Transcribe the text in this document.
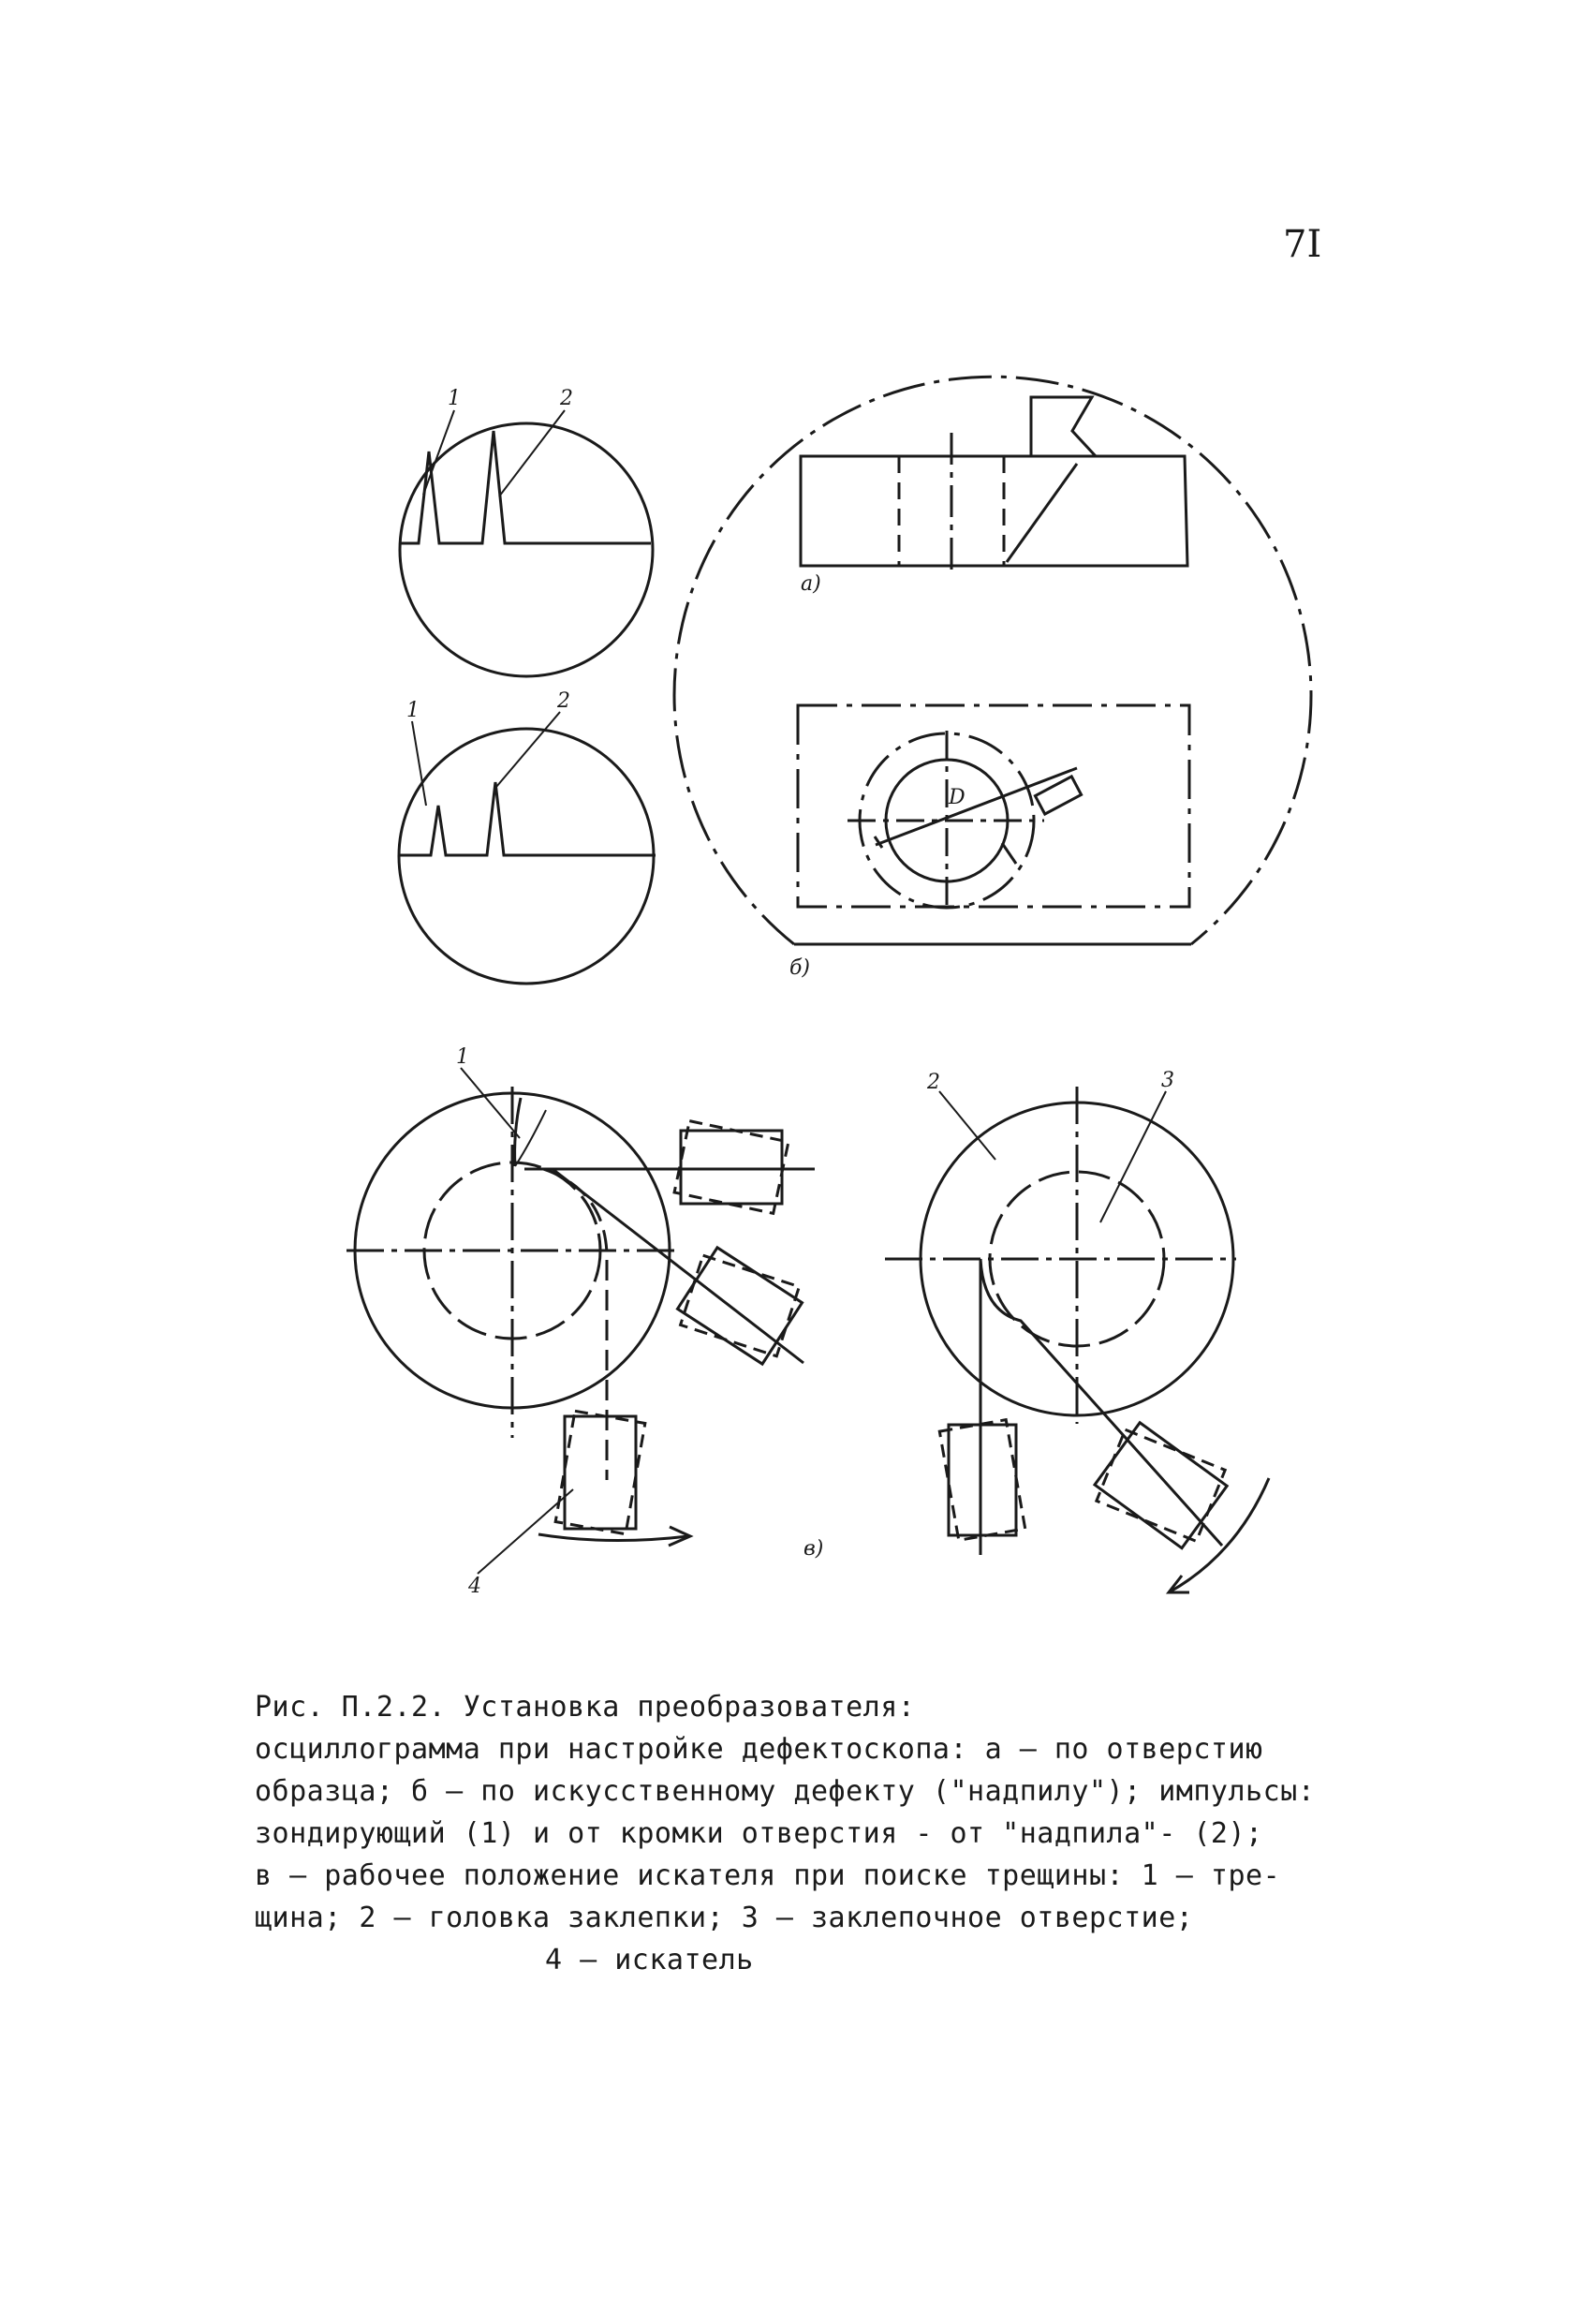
7I
1	2
1	2
а)
D
б)
1
4
в)
2	3
Рис. П.2.2. Установка преобразователя:
осциллограмма при настройке дефектоскопа: а – по отверстию
образца; б – по искусственному дефекту ("надпилу"); импульсы:
зондирующий (1) и от кромки отверстия - от "надпила"- (2);
в – рабочее положение искателя при поиске трещины: 1 – тре-
щина; 2 – головка заклепки; 3 – заклепочное отверстие;
4 – искатель
